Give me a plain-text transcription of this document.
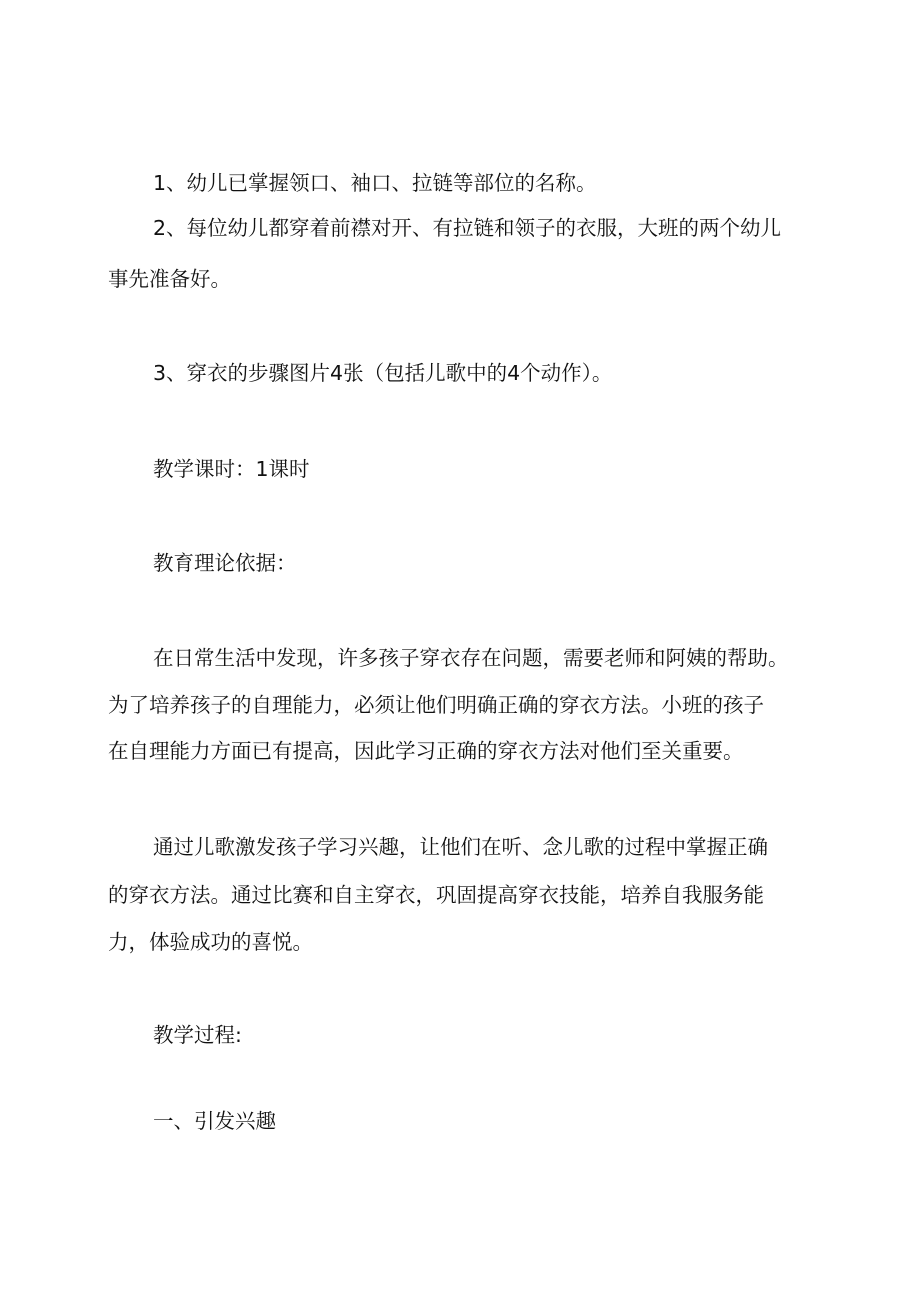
1、幼儿已掌握领口、袖口、拉链等部位的名称。
2、每位幼儿都穿着前襟对开、有拉链和领子的衣服，大班的两个幼儿
事先准备好。
3、穿衣的步骤图片4张（包括儿歌中的4个动作）。
教学课时：1课时
教育理论依据：
在日常生活中发现，许多孩子穿衣存在问题，需要老师和阿姨的帮助。
为了培养孩子的自理能力，必须让他们明确正确的穿衣方法。小班的孩子
在自理能力方面已有提高，因此学习正确的穿衣方法对他们至关重要。
通过儿歌激发孩子学习兴趣，让他们在听、念儿歌的过程中掌握正确
的穿衣方法。通过比赛和自主穿衣，巩固提高穿衣技能，培养自我服务能
力，体验成功的喜悦。
教学过程:
一、引发兴趣
